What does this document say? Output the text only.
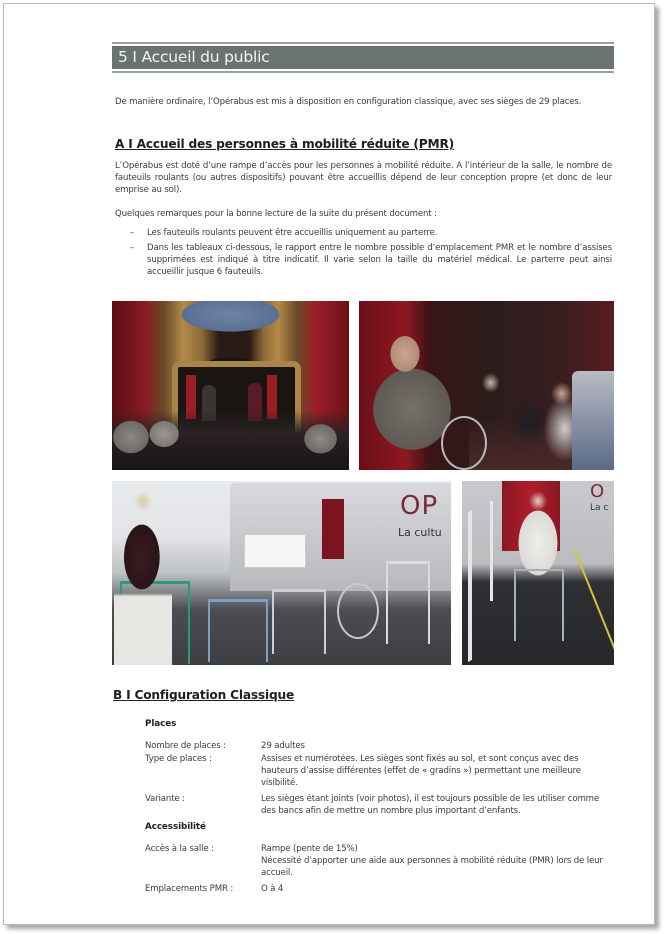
5 I Accueil du public
De manière ordinaire, l’Opérabus est mis à disposition en configuration classique, avec ses sièges de 29 places.
A I Accueil des personnes à mobilité réduite (PMR)
L’Opérabus est doté d’une rampe d’accès pour les personnes à mobilité réduite. A l’intérieur de la salle, le nombre de fauteuils roulants (ou autres dispositifs) pouvant être accueillis dépend de leur conception propre (et donc de leur emprise au sol).
Quelques remarques pour la bonne lecture de la suite du présent document :
– Les fauteuils roulants peuvent être accueillis uniquement au parterre.
– Dans les tableaux ci-dessous, le rapport entre le nombre possible d’emplacement PMR et le nombre d’assises supprimées est indiqué à titre indicatif. Il varie selon la taille du matériel médical. Le parterre peut ainsi accueillir jusque 6 fauteuils.
OP
La cultu
O
La c
B I Configuration Classique
Places
Nombre de places :	29 adultes
Type de places :	Assises et numérotées. Les sièges sont fixés au sol, et sont conçus avec des hauteurs d’assise différentes (effet de « gradins ») permettant une meilleure visibilité.
Variante :	Les sièges étant joints (voir photos), il est toujours possible de les utiliser comme des bancs afin de mettre un nombre plus important d’enfants.
Accessibilité
Accès à la salle :	Rampe (pente de 15%)
Nécessité d’apporter une aide aux personnes à mobilité réduite (PMR) lors de leur accueil.
Emplacements PMR :	O à 4
